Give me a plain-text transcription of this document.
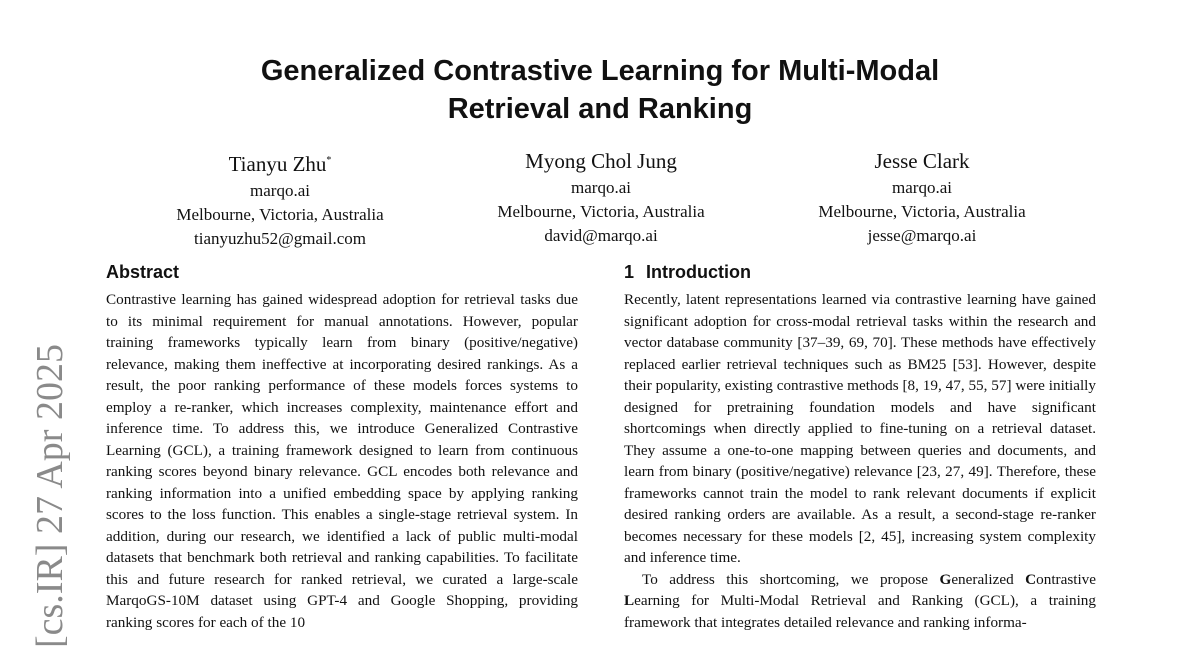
[cs.IR] 27 Apr 2025
Generalized Contrastive Learning for Multi-Modal
Retrieval and Ranking
Tianyu Zhu*
marqo.ai
Melbourne, Victoria, Australia
tianyuzhu52@gmail.com
Myong Chol Jung
marqo.ai
Melbourne, Victoria, Australia
david@marqo.ai
Jesse Clark
marqo.ai
Melbourne, Victoria, Australia
jesse@marqo.ai
Abstract

Contrastive learning has gained widespread adoption for retrieval tasks due to its minimal requirement for manual annotations. However, popular training frameworks typically learn from binary (positive/negative) relevance, making them ineffective at incorporating desired rankings. As a result, the poor ranking performance of these models forces systems to employ a re-ranker, which increases complexity, maintenance effort and inference time. To address this, we introduce Generalized Contrastive Learning (GCL), a training framework designed to learn from continuous ranking scores beyond binary relevance. GCL encodes both relevance and ranking information into a unified embedding space by applying ranking scores to the loss function. This enables a single-stage retrieval system. In addition, during our research, we identified a lack of public multi-modal datasets that benchmark both retrieval and ranking capabilities. To facilitate this and future research for ranked retrieval, we curated a large-scale MarqoGS-10M dataset using GPT-4 and Google Shopping, providing ranking scores for each of the 10

1 Introduction

Recently, latent representations learned via contrastive learning have gained significant adoption for cross-modal retrieval tasks within the research and vector database community [37–39, 69, 70]. These methods have effectively replaced earlier retrieval techniques such as BM25 [53]. However, despite their popularity, existing contrastive methods [8, 19, 47, 55, 57] were initially designed for pretraining foundation models and have significant shortcomings when directly applied to fine-tuning on a retrieval dataset. They assume a one-to-one mapping between queries and documents, and learn from binary (positive/negative) relevance [23, 27, 49]. Therefore, these frameworks cannot train the model to rank relevant documents if explicit desired ranking orders are available. As a result, a second-stage re-ranker becomes necessary for these models [2, 45], increasing system complexity and inference time.

To address this shortcoming, we propose Generalized Contrastive Learning for Multi-Modal Retrieval and Ranking (GCL), a training framework that integrates detailed relevance and ranking informa-
